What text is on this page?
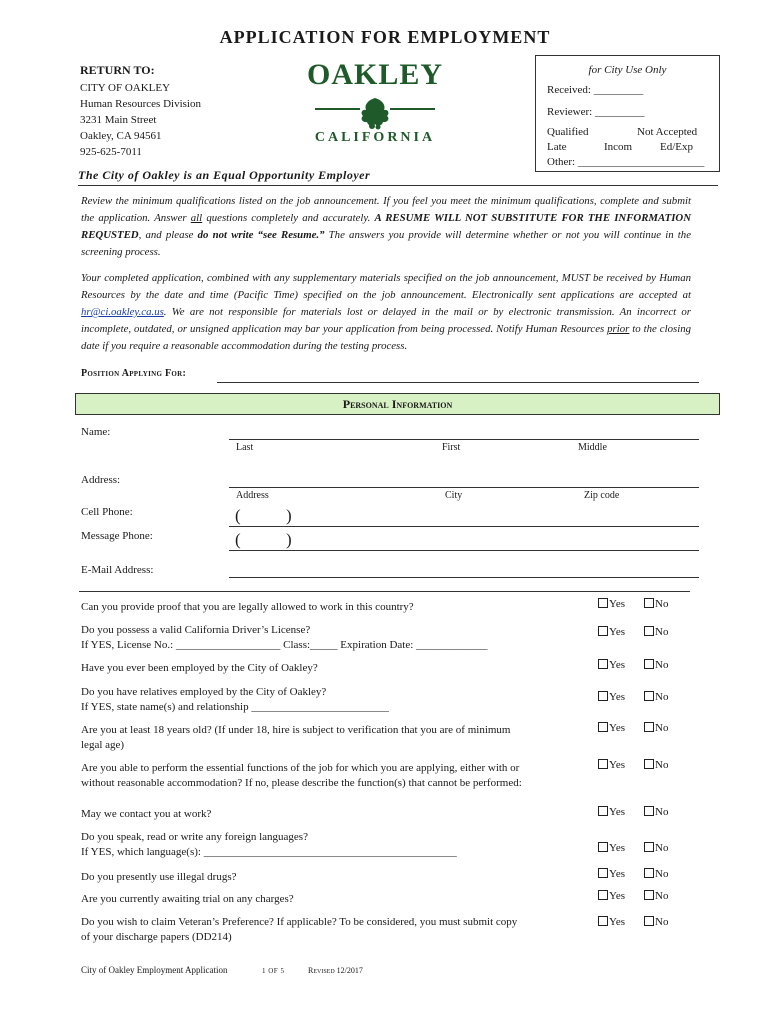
APPLICATION FOR EMPLOYMENT
RETURN TO:
CITY OF OAKLEY
Human Resources Division
3231 Main Street
Oakley, CA 94561
925-625-7011
OAKLEY
CALIFORNIA
for City Use Only
Received: _________
Reviewer: _________
Qualified	Not Accepted
Late	Incom	Ed/Exp
Other: _______________________
The City of Oakley is an Equal Opportunity Employer
Review the minimum qualifications listed on the job announcement. If you feel you meet the minimum qualifications, complete and submit the application. Answer all questions completely and accurately. A RESUME WILL NOT SUBSTITUTE FOR THE INFORMATION REQUSTED, and please do not write “see Resume.” The answers you provide will determine whether or not you will continue in the screening process.
Your completed application, combined with any supplementary materials specified on the job announcement, MUST be received by Human Resources by the date and time (Pacific Time) specified on the job announcement. Electronically sent applications are accepted at hr@ci.oakley.ca.us. We are not responsible for materials lost or delayed in the mail or by electronic transmission. An incorrect or incomplete, outdated, or unsigned application may bar your application from being processed. Notify Human Resources prior to the closing date if you require a reasonable accommodation during the testing process.
Position Applying For:
Personal Information
Name:
Last	First	Middle
Address:
Address	City	Zip code
Cell Phone:	(	)
Message Phone:	(	)
E-Mail Address:
Can you provide proof that you are legally allowed to work in this country?	Yes	No
Do you possess a valid California Driver’s License?
If YES, License No.: ___________________ Class:_____ Expiration Date: _____________
Yes	No
Have you ever been employed by the City of Oakley?	Yes	No
Do you have relatives employed by the City of Oakley?
If YES, state name(s) and relationship _________________________
Yes	No
Are you at least 18 years old? (If under 18, hire is subject to verification that you are of minimum
legal age)
Yes	No
Are you able to perform the essential functions of the job for which you are applying, either with or
without reasonable accommodation? If no, please describe the function(s) that cannot be performed:
Yes	No
May we contact you at work?	Yes	No
Do you speak, read or write any foreign languages?
If YES, which language(s): ______________________________________________	Yes	No
Do you presently use illegal drugs?	Yes	No
Are you currently awaiting trial on any charges?	Yes	No
Do you wish to claim Veteran’s Preference? If applicable? To be considered, you must submit copy
of your discharge papers (DD214)
Yes	No
City of Oakley Employment Application	1 OF 5	Revised 12/2017
